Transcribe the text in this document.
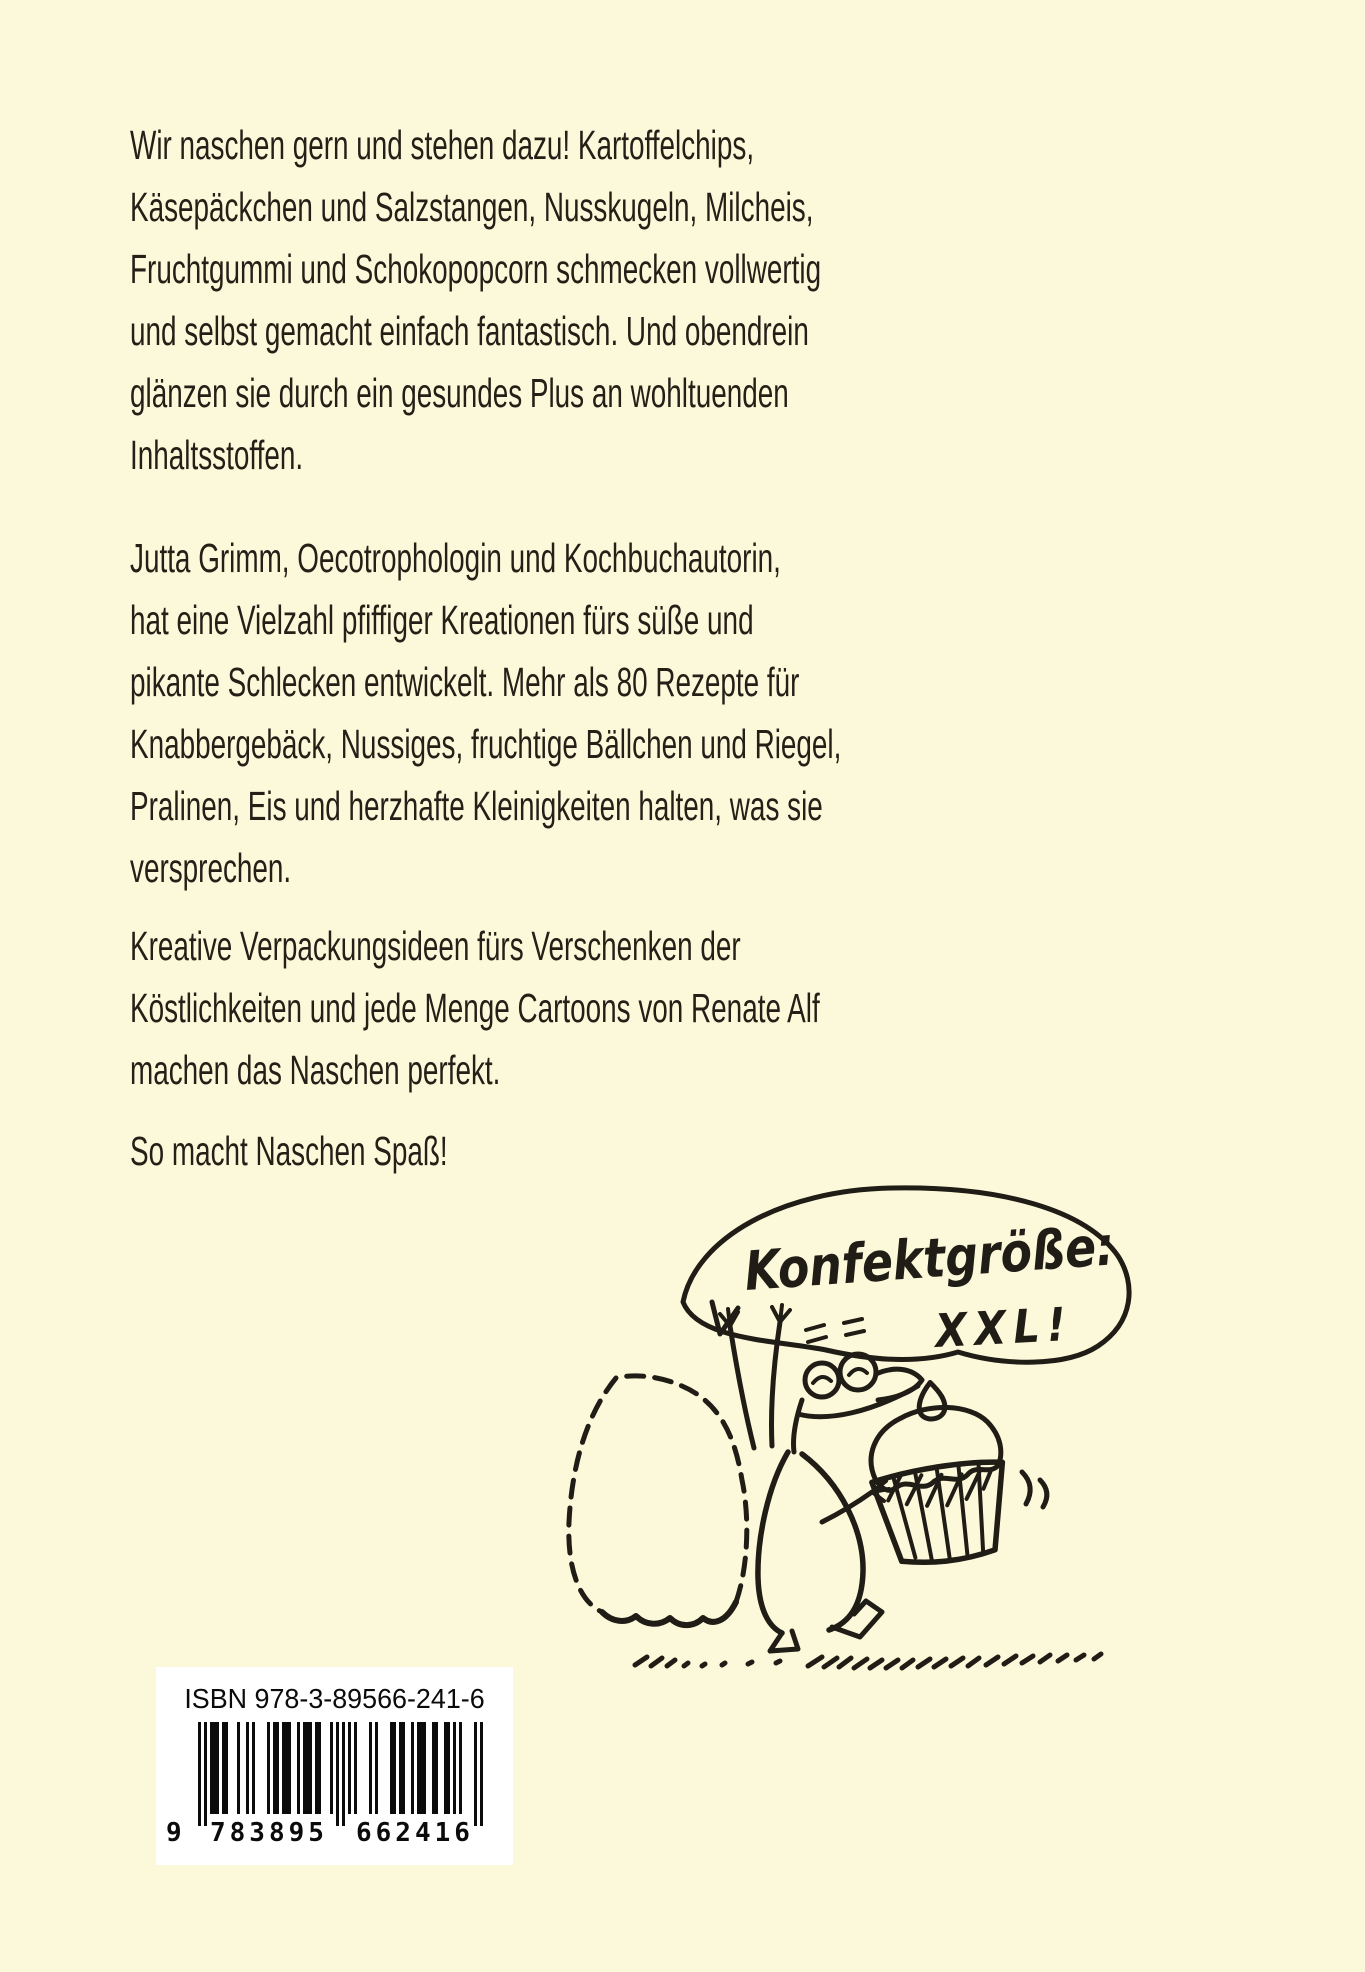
Wir naschen gern und stehen dazu! Kartoffelchips,
Käsepäckchen und Salzstangen, Nusskugeln, Milcheis,
Fruchtgummi und Schokopopcorn schmecken vollwertig
und selbst gemacht einfach fantastisch. Und obendrein
glänzen sie durch ein gesundes Plus an wohltuenden
Inhaltsstoffen.
Jutta Grimm, Oecotrophologin und Kochbuchautorin,
hat eine Vielzahl pfiffiger Kreationen fürs süße und
pikante Schlecken entwickelt. Mehr als 80 Rezepte für
Knabbergebäck, Nussiges, fruchtige Bällchen und Riegel,
Pralinen, Eis und herzhafte Kleinigkeiten halten, was sie
versprechen.
Kreative Verpackungsideen fürs Verschenken der
Köstlichkeiten und jede Menge Cartoons von Renate Alf
machen das Naschen perfekt.
So macht Naschen Spaß!
Konfektgröße:
XXL!
ISBN 978-3-89566-241-6
9 783895 662416
